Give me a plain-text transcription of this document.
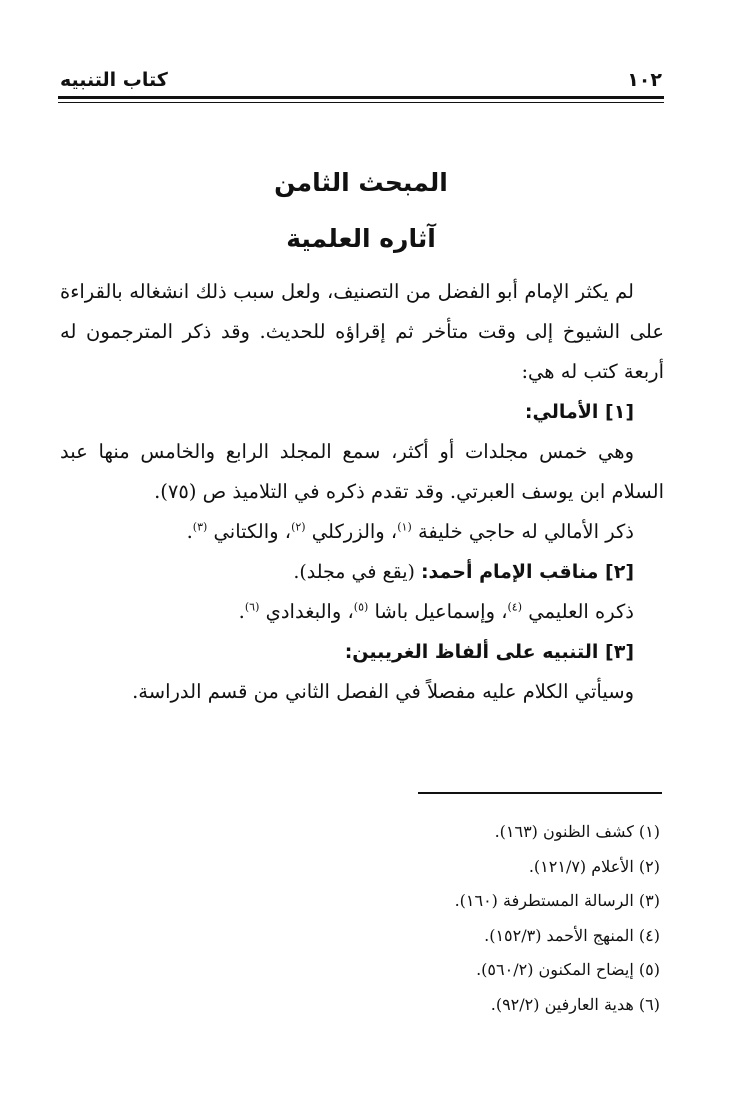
كتاب التنبيه	١٠٢
المبحث الثامن
آثاره العلمية

لم يكثر الإمام أبو الفضل من التصنيف، ولعل سبب ذلك انشغاله بالقراءة على الشيوخ إلى وقت متأخر ثم إقراؤه للحديث. وقد ذكر المترجمون له أربعة كتب له هي:

[١] الأمالي:

وهي خمس مجلدات أو أكثر، سمع المجلد الرابع والخامس منها عبد السلام ابن يوسف العبرتي. وقد تقدم ذكره في التلاميذ ص (٧٥).

ذكر الأمالي له حاجي خليفة $^{(١)}$، والزركلي $^{(٢)}$، والكتاني $^{(٣)}$.

[٢] مناقب الإمام أحمد: (يقع في مجلد).

ذكره العليمي $^{(٤)}$، وإسماعيل باشا $^{(٥)}$، والبغدادي $^{(٦)}$.

[٣] التنبيه على ألفاظ الغريبين:

وسيأتي الكلام عليه مفصلاً في الفصل الثاني من قسم الدراسة.

(١) كشف الظنون (١٦٣).
(٢) الأعلام (١٢١/٧).
(٣) الرسالة المستطرفة (١٦٠).
(٤) المنهج الأحمد (١٥٢/٣).
(٥) إيضاح المكنون (٥٦٠/٢).
(٦) هدية العارفين (٩٢/٢).
